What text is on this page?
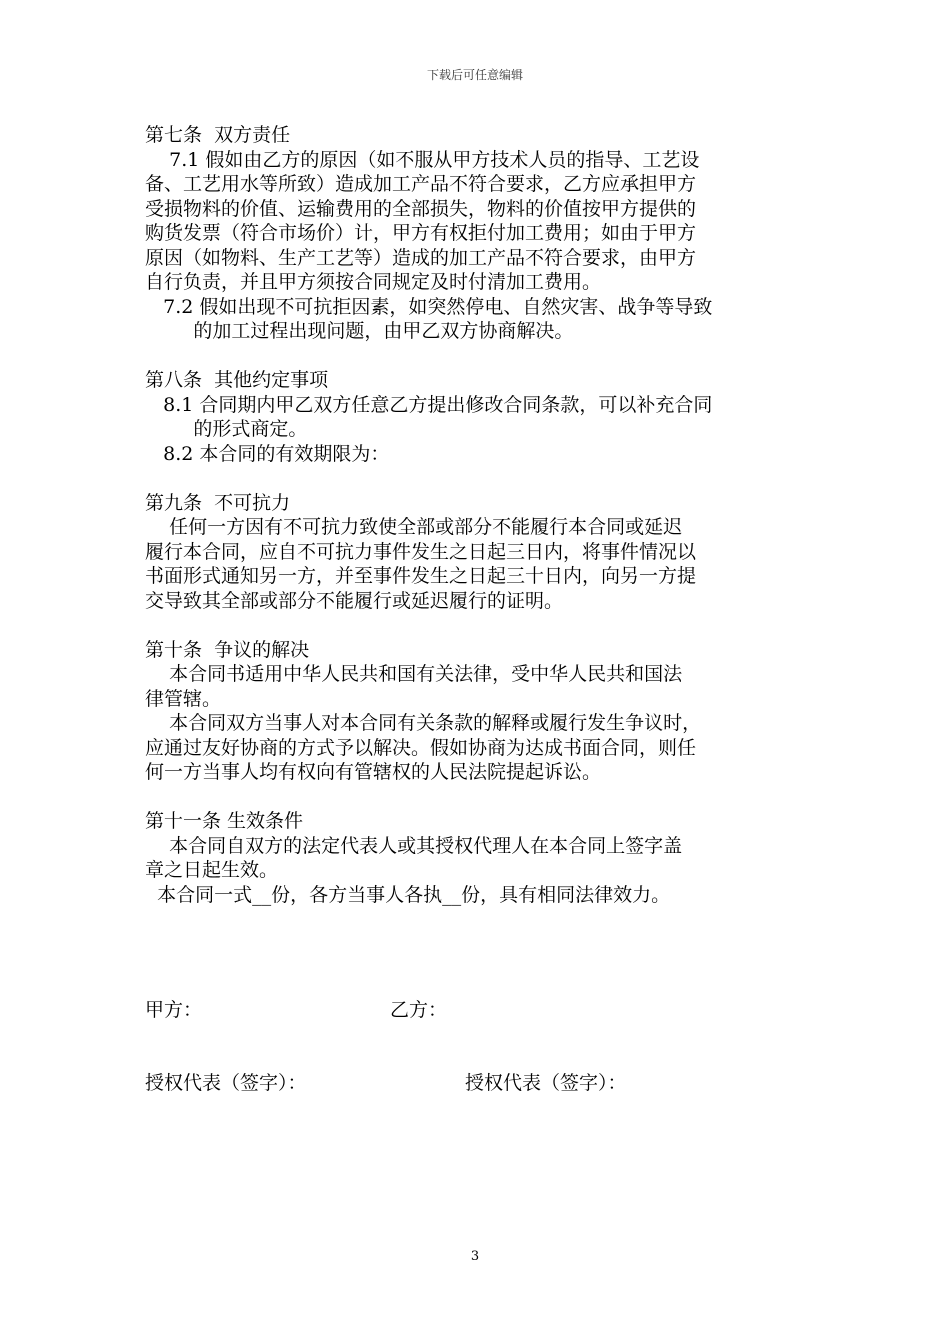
下载后可任意编辑
第七条  双方责任
7.1 假如由乙方的原因（如不服从甲方技术人员的指导、工艺设
备、工艺用水等所致）造成加工产品不符合要求，乙方应承担甲方
受损物料的价值、运输费用的全部损失，物料的价值按甲方提供的
购货发票（符合市场价）计，甲方有权拒付加工费用；如由于甲方
原因（如物料、生产工艺等）造成的加工产品不符合要求，由甲方
自行负责，并且甲方须按合同规定及时付清加工费用。
7.2 假如出现不可抗拒因素，如突然停电、自然灾害、战争等导致
的加工过程出现问题，由甲乙双方协商解决。
第八条  其他约定事项
8.1 合同期内甲乙双方任意乙方提出修改合同条款，可以补充合同
的形式商定。
8.2 本合同的有效期限为：
第九条  不可抗力
任何一方因有不可抗力致使全部或部分不能履行本合同或延迟
履行本合同，应自不可抗力事件发生之日起三日内，将事件情况以
书面形式通知另一方，并至事件发生之日起三十日内，向另一方提
交导致其全部或部分不能履行或延迟履行的证明。
第十条  争议的解决
本合同书适用中华人民共和国有关法律，受中华人民共和国法
律管辖。
本合同双方当事人对本合同有关条款的解释或履行发生争议时，
应通过友好协商的方式予以解决。假如协商为达成书面合同，则任
何一方当事人均有权向有管辖权的人民法院提起诉讼。
第十一条 生效条件
本合同自双方的法定代表人或其授权代理人在本合同上签字盖
章之日起生效。
本合同一式__份，各方当事人各执__份，具有相同法律效力。

甲方：

	乙方：

授权代表（签字）：

	授权代表（签字）：

3
